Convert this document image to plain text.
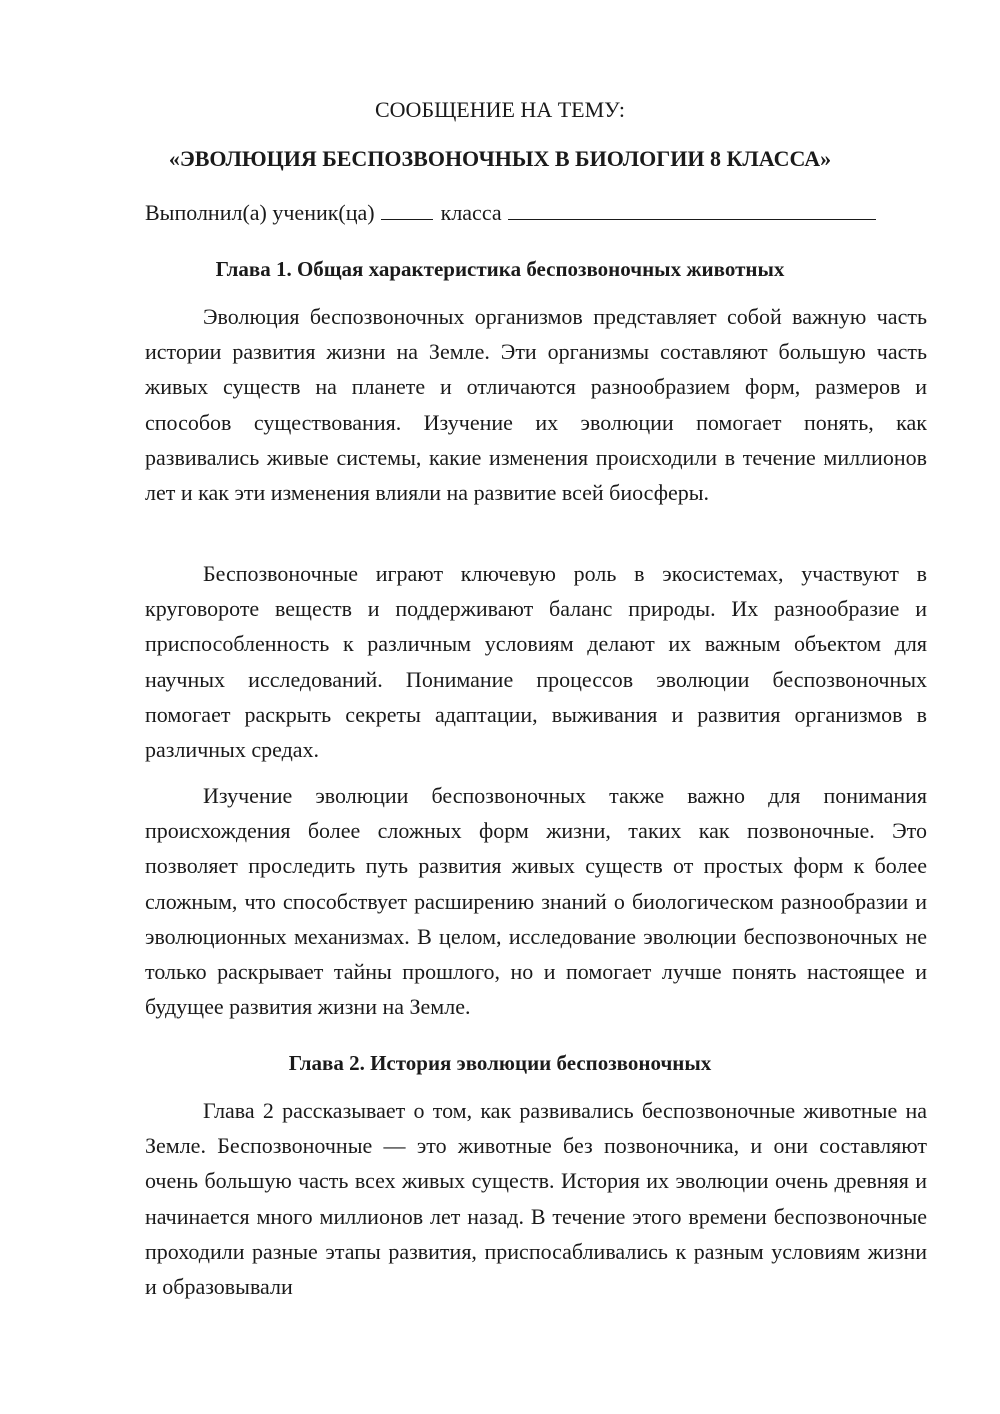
СООБЩЕНИЕ НА ТЕМУ:

«ЭВОЛЮЦИЯ БЕСПОЗВОНОЧНЫХ В БИОЛОГИИ 8 КЛАССА»

Выполнил(а) ученик(ца)	класса
Глава 1. Общая характеристика беспозвоночных животных

Эволюция беспозвоночных организмов представляет собой важную часть истории развития жизни на Земле. Эти организмы составляют большую часть живых существ на планете и отличаются разнообразием форм, размеров и способов существования. Изучение их эволюции помогает понять, как развивались живые системы, какие изменения происходили в течение миллионов лет и как эти изменения влияли на развитие всей биосферы.

Беспозвоночные играют ключевую роль в экосистемах, участвуют в круговороте веществ и поддерживают баланс природы. Их разнообразие и приспособленность к различным условиям делают их важным объектом для научных исследований. Понимание процессов эволюции беспозвоночных помогает раскрыть секреты адаптации, выживания и развития организмов в различных средах.

Изучение эволюции беспозвоночных также важно для понимания происхождения более сложных форм жизни, таких как позвоночные. Это позволяет проследить путь развития живых существ от простых форм к более сложным, что способствует расширению знаний о биологическом разнообразии и эволюционных механизмах. В целом, исследование эволюции беспозвоночных не только раскрывает тайны прошлого, но и помогает лучше понять настоящее и будущее развития жизни на Земле.

Глава 2. История эволюции беспозвоночных

Глава 2 рассказывает о том, как развивались беспозвоночные животные на Земле. Беспозвоночные — это животные без позвоночника, и они составляют очень большую часть всех живых существ. История их эволюции очень древняя и начинается много миллионов лет назад. В течение этого времени беспозвоночные проходили разные этапы развития, приспосабливались к разным условиям жизни и образовывали
